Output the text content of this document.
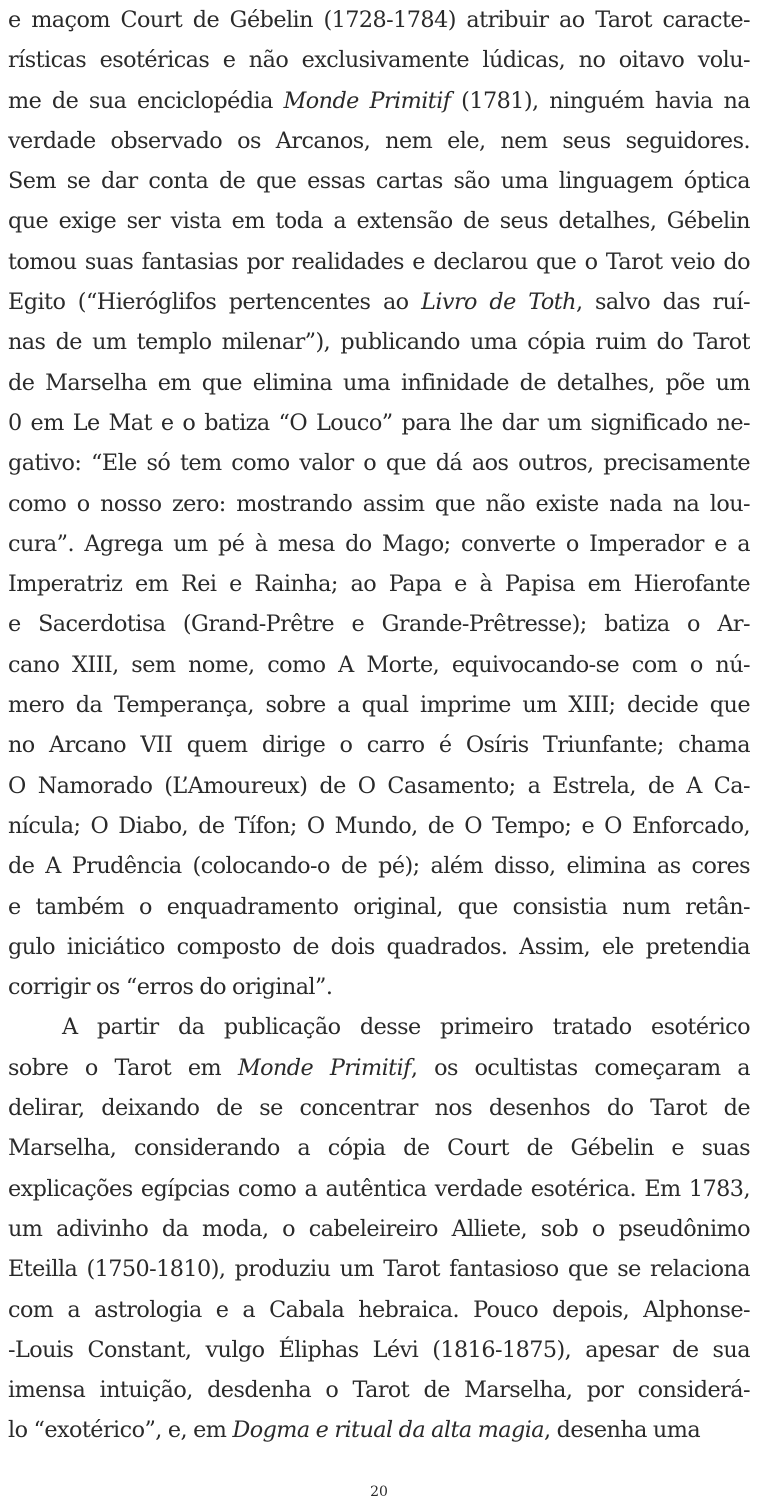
e maçom Court de Gébelin (1728-1784) atribuir ao Tarot caracte-
rísticas esotéricas e não exclusivamente lúdicas, no oitavo volu-
me de sua enciclopédia Monde Primitif (1781), ninguém havia na
verdade observado os Arcanos, nem ele, nem seus seguidores.
Sem se dar conta de que essas cartas são uma linguagem óptica
que exige ser vista em toda a extensão de seus detalhes, Gébelin
tomou suas fantasias por realidades e declarou que o Tarot veio do
Egito (“Hieróglifos pertencentes ao Livro de Toth, salvo das ruí-
nas de um templo milenar”), publicando uma cópia ruim do Tarot
de Marselha em que elimina uma infinidade de detalhes, põe um
0 em Le Mat e o batiza “O Louco” para lhe dar um significado ne-
gativo: “Ele só tem como valor o que dá aos outros, precisamente
como o nosso zero: mostrando assim que não existe nada na lou-
cura”. Agrega um pé à mesa do Mago; converte o Imperador e a
Imperatriz em Rei e Rainha; ao Papa e à Papisa em Hierofante
e Sacerdotisa (Grand-Prêtre e Grande-Prêtresse); batiza o Ar-
cano XIII, sem nome, como A Morte, equivocando-se com o nú-
mero da Temperança, sobre a qual imprime um XIII; decide que
no Arcano VII quem dirige o carro é Osíris Triunfante; chama
O Namorado (L’Amoureux) de O Casamento; a Estrela, de A Ca-
nícula; O Diabo, de Tífon; O Mundo, de O Tempo; e O Enforcado,
de A Prudência (colocando-o de pé); além disso, elimina as cores
e também o enquadramento original, que consistia num retân-
gulo iniciático composto de dois quadrados. Assim, ele pretendia
corrigir os “erros do original”.
A partir da publicação desse primeiro tratado esotérico
sobre o Tarot em Monde Primitif, os ocultistas começaram a
delirar, deixando de se concentrar nos desenhos do Tarot de
Marselha, considerando a cópia de Court de Gébelin e suas
explicações egípcias como a autêntica verdade esotérica. Em 1783,
um adivinho da moda, o cabeleireiro Alliete, sob o pseudônimo
Eteilla (1750-1810), produziu um Tarot fantasioso que se relaciona
com a astrologia e a Cabala hebraica. Pouco depois, Alphonse-
-Louis Constant, vulgo Éliphas Lévi (1816-1875), apesar de sua
imensa intuição, desdenha o Tarot de Marselha, por considerá-
lo “exotérico”, e, em Dogma e ritual da alta magia, desenha uma
20
